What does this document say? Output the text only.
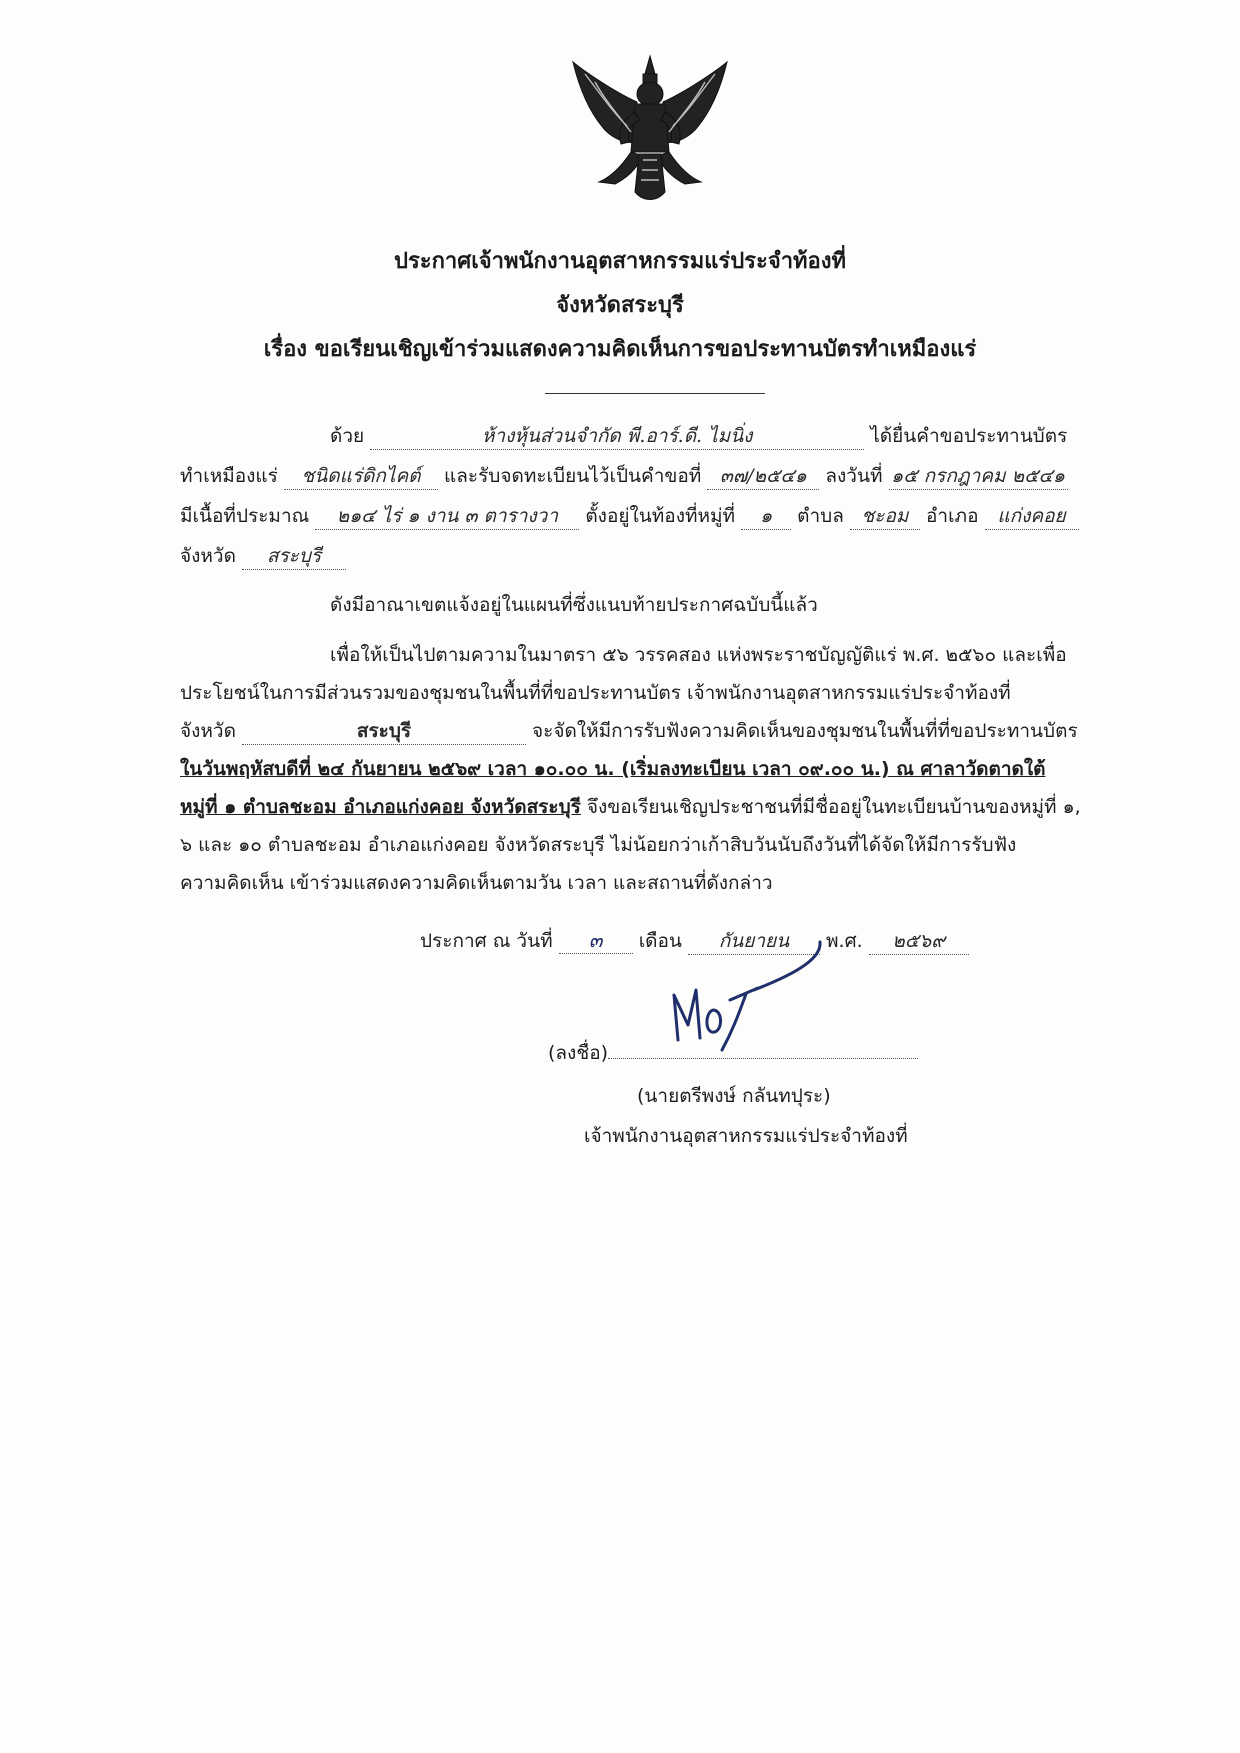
ประกาศเจ้าพนักงานอุตสาหกรรมแร่ประจำท้องที่
จังหวัดสระบุรี
เรื่อง ขอเรียนเชิญเข้าร่วมแสดงความคิดเห็นการขอประทานบัตรทำเหมืองแร่
ด้วย	ห้างหุ้นส่วนจำกัด พี.อาร์.ดี. ไมนิ่ง	ได้ยื่นคำขอประทานบัตร
ทำเหมืองแร่ ชนิดแร่ดิกไคต์ และรับจดทะเบียนไว้เป็นคำขอที่ ๓๗/๒๕๔๑ ลงวันที่ ๑๕ กรกฎาคม ๒๕๔๑
มีเนื้อที่ประมาณ ๒๑๔ ไร่ ๑ งาน ๓ ตารางวา ตั้งอยู่ในท้องที่หมู่ที่ ๑ ตำบล ชะอม อำเภอ แก่งคอย
จังหวัด สระบุรี
ดังมีอาณาเขตแจ้งอยู่ในแผนที่ซึ่งแนบท้ายประกาศฉบับนี้แล้ว
เพื่อให้เป็นไปตามความในมาตรา ๕๖ วรรคสอง แห่งพระราชบัญญัติแร่ พ.ศ. ๒๕๖๐ และเพื่อ
ประโยชน์ในการมีส่วนรวมของชุมชนในพื้นที่ที่ขอประทานบัตร เจ้าพนักงานอุตสาหกรรมแร่ประจำท้องที่
จังหวัด	สระบุรี	จะจัดให้มีการรับฟังความคิดเห็นของชุมชนในพื้นที่ที่ขอประทานบัตร
ในวันพฤหัสบดีที่ ๒๔ กันยายน ๒๕๖๙ เวลา ๑๐.๐๐ น. (เริ่มลงทะเบียน เวลา ๐๙.๐๐ น.) ณ ศาลาวัดตาดใต้
หมู่ที่ ๑ ตำบลชะอม อำเภอแก่งคอย จังหวัดสระบุรี จึงขอเรียนเชิญประชาชนที่มีชื่ออยู่ในทะเบียนบ้านของหมู่ที่ ๑,
๖ และ ๑๐ ตำบลชะอม อำเภอแก่งคอย จังหวัดสระบุรี ไม่น้อยกว่าเก้าสิบวันนับถึงวันที่ได้จัดให้มีการรับฟัง
ความคิดเห็น เข้าร่วมแสดงความคิดเห็นตามวัน เวลา และสถานที่ดังกล่าว
ประกาศ ณ วันที่ ๓ เดือน กันยายน พ.ศ. ๒๕๖๙
(ลงชื่อ)
(นายตรีพงษ์ กลันทปุระ)
เจ้าพนักงานอุตสาหกรรมแร่ประจำท้องที่
